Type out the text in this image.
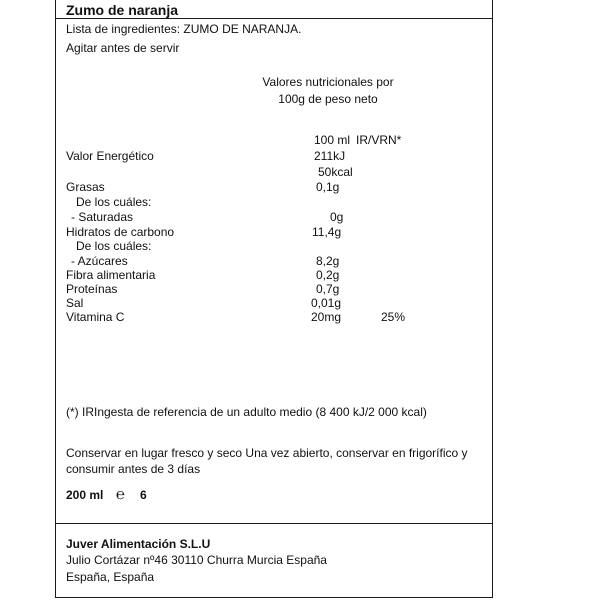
Zumo de naranja
Lista de ingredientes: ZUMO DE NARANJA.
Agitar antes de servir
Valores nutricionales por
100g de peso neto
100 ml IR/VRN*
Valor Energético	211kJ
50kcal
Grasas	0,1g
De los cuáles:
- Saturadas	0g
Hidratos de carbono	11,4g
De los cuáles:
- Azúcares	8,2g
Fibra alimentaria	0,2g
Proteínas	0,7g
Sal	0,01g
Vitamina C	20mg	25%
(*) IRIngesta de referencia de un adulto medio (8 400 kJ/2 000 kcal)
Conservar en lugar fresco y seco Una vez abierto, conservar en frigorífico y
consumir antes de 3 días
200 ml ℮ 6
Juver Alimentación S.L.U
Julio Cortázar nº46 30110 Churra Murcia España
España, España
